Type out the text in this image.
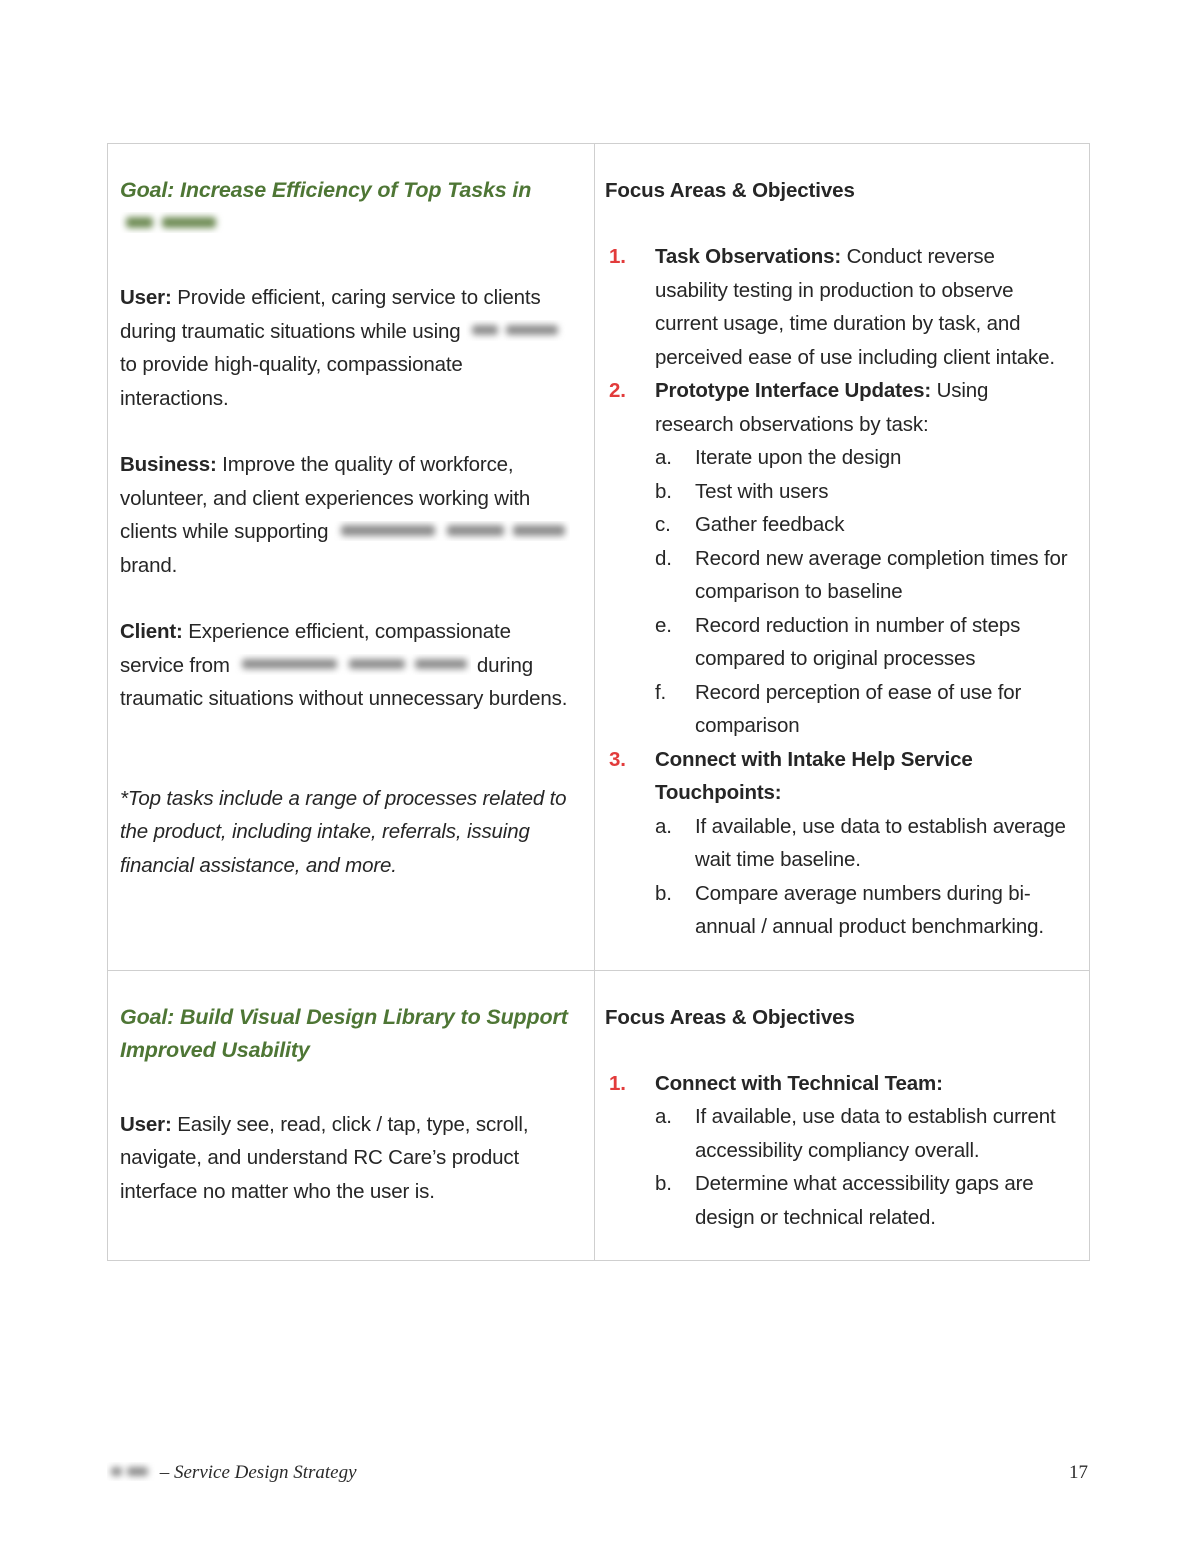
Goal: Increase Efficiency of Top Tasks in

User: Provide efficient, caring service to clients during traumatic situations while using  to provide high-quality, compassionate interactions.

Business: Improve the quality of workforce, volunteer, and client experiences working with clients while supporting
brand.

Client: Experience efficient, compassionate service from	during traumatic situations without unnecessary burdens.

*Top tasks include a range of processes related to the product, including intake, referrals, issuing financial assistance, and more.

Focus Areas & Objectives
1.	Task Observations: Conduct reverse usability testing in production to observe current usage, time duration by task, and perceived ease of use including client intake.
2.	Prototype Interface Updates: Using research observations by task:
a.	Iterate upon the design
b.	Test with users
c.	Gather feedback
d.	Record new average completion times for comparison to baseline
e.	Record reduction in number of steps compared to original processes
f.	Record perception of ease of use for comparison
3.	Connect with Intake Help Service Touchpoints:
a.	If available, use data to establish average wait time baseline.
b.	Compare average numbers during bi-annual / annual product benchmarking.

Goal: Build Visual Design Library to Support Improved Usability

User: Easily see, read, click / tap, type, scroll, navigate, and understand RC Care’s product interface no matter who the user is.

Focus Areas & Objectives
1.	Connect with Technical Team:
a.	If available, use data to establish current accessibility compliancy overall.
b.	Determine what accessibility gaps are design or technical related.
– Service Design Strategy	17
